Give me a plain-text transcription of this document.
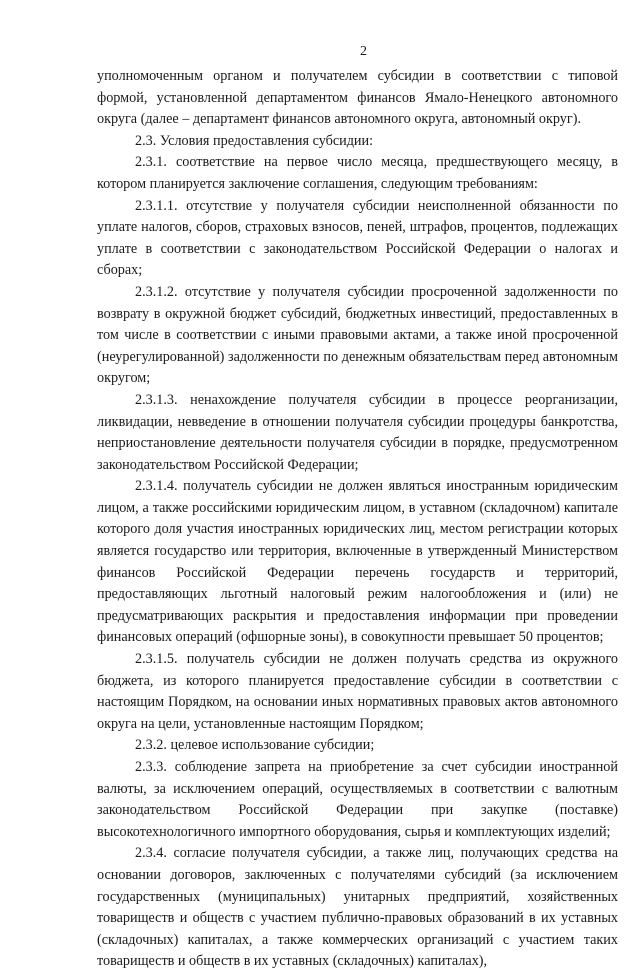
2

уполномоченным органом и получателем субсидии в соответствии с типовой формой, установленной департаментом финансов Ямало-Ненецкого автономного округа (далее – департамент финансов автономного округа, автономный округ).

2.3. Условия предоставления субсидии:

2.3.1. соответствие на первое число месяца, предшествующего месяцу, в котором планируется заключение соглашения, следующим требованиям:

2.3.1.1. отсутствие у получателя субсидии неисполненной обязанности по уплате налогов, сборов, страховых взносов, пеней, штрафов, процентов, подлежащих уплате в соответствии с законодательством Российской Федерации о налогах и сборах;

2.3.1.2. отсутствие у получателя субсидии просроченной задолженности по возврату в окружной бюджет субсидий, бюджетных инвестиций, предоставленных в том числе в соответствии с иными правовыми актами, а также иной просроченной (неурегулированной) задолженности по денежным обязательствам перед автономным округом;

2.3.1.3. ненахождение получателя субсидии в процессе реорганизации, ликвидации, невведение в отношении получателя субсидии процедуры банкротства, неприостановление деятельности получателя субсидии в порядке, предусмотренном законодательством Российской Федерации;

2.3.1.4. получатель субсидии не должен являться иностранным юридическим лицом, а также российскими юридическим лицом, в уставном (складочном) капитале которого доля участия иностранных юридических лиц, местом регистрации которых является государство или территория, включенные в утвержденный Министерством финансов Российской Федерации перечень государств и территорий, предоставляющих льготный налоговый режим налогообложения и (или) не предусматривающих раскрытия и предоставления информации при проведении финансовых операций (офшорные зоны), в совокупности превышает 50 процентов;

2.3.1.5. получатель субсидии не должен получать средства из окружного бюджета, из которого планируется предоставление субсидии в соответствии с настоящим Порядком, на основании иных нормативных правовых актов автономного округа на цели, установленные настоящим Порядком;

2.3.2. целевое использование субсидии;

2.3.3. соблюдение запрета на приобретение за счет субсидии иностранной валюты, за исключением операций, осуществляемых в соответствии с валютным законодательством Российской Федерации при закупке (поставке) высокотехнологичного импортного оборудования, сырья и комплектующих изделий;

2.3.4. согласие получателя субсидии, а также лиц, получающих средства на основании договоров, заключенных с получателями субсидий (за исключением государственных (муниципальных) унитарных предприятий, хозяйственных товариществ и обществ с участием публично-правовых образований в их уставных (складочных) капиталах, а также коммерческих организаций с участием таких товариществ и обществ в их уставных (складочных) капиталах),
